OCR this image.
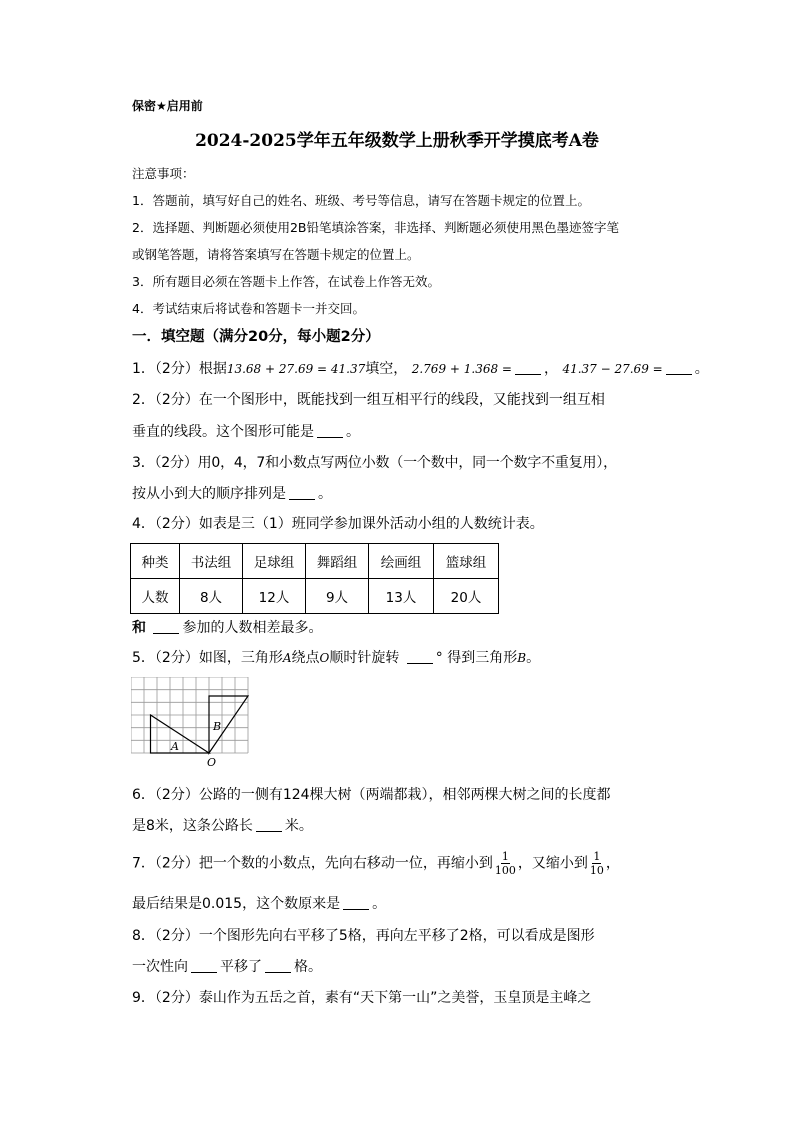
保密★启用前
2024-2025学年五年级数学上册秋季开学摸底考A卷
注意事项：
1．答题前，填写好自己的姓名、班级、考号等信息，请写在答题卡规定的位置上。
2．选择题、判断题必须使用2B铅笔填涂答案，非选择、判断题必须使用黑色墨迹签字笔
或钢笔答题，请将答案填写在答题卡规定的位置上。
3．所有题目必须在答题卡上作答，在试卷上作答无效。
4．考试结束后将试卷和答题卡一并交回。
一．填空题（满分20分，每小题2分）
1．（2分）根据13.68 + 27.69 = 41.37填空， 2.769 + 1.368 = ， 41.37 − 27.69 = 。
2．（2分）在一个图形中，既能找到一组互相平行的线段，又能找到一组互相
垂直的线段。这个图形可能是 。
3．（2分）用0，4，7和小数点写两位小数（一个数中，同一个数字不重复用），
按从小到大的顺序排列是 。
4．（2分）如表是三（1）班同学参加课外活动小组的人数统计表。
种类	书法组	足球组	舞蹈组	绘画组	篮球组
人数	8人	12人	9人	13人	20人
和	参加的人数相差最多。
5．（2分）如图，三角形A绕点O顺时针旋转	° 得到三角形B。
A
B
O
6．（2分）公路的一侧有124棵大树（两端都栽），相邻两棵大树之间的长度都
是8米，这条公路长 米。
7．（2分）把一个数的小数点，先向右移动一位，再缩小到 $\frac{1}{100}$ ，又缩小到 $\frac{1}{10}$ ，
最后结果是0.015，这个数原来是 。
8．（2分）一个图形先向右平移了5格，再向左平移了2格，可以看成是图形
一次性向 平移了 格。
9．（2分）泰山作为五岳之首，素有“天下第一山”之美誉，玉皇顶是主峰之
